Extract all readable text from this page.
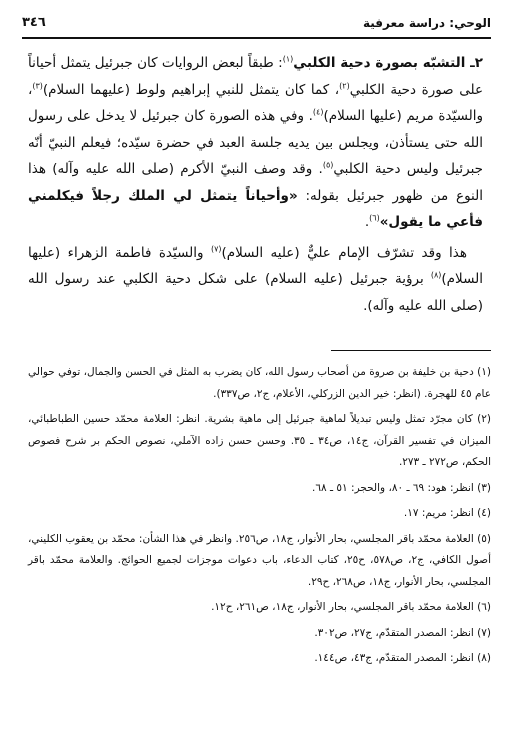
الوحي: دراسة معرفية
٣٤٦

٢ـ التشبّه بصورة دحية الكلبي$^{(١)}$: طبقاً لبعض الروايات كان جبرئيل يتمثل أحياناً على صورة دحية الكلبي$^{(٢)}$، كما كان يتمثل للنبي إبراهيم ولوط (عليهما السلام)$^{(٣)}$، والسيّدة مريم (عليها السلام)$^{(٤)}$. وفي هذه الصورة كان جبرئيل لا يدخل على رسول الله حتى يستأذن، ويجلس بين يديه جلسة العبد في حضرة سيّده؛ فيعلم النبيّ أنّه جبرئيل وليس دحية الكلبي$^{(٥)}$. وقد وصف النبيّ الأكرم (صلى الله عليه وآله) هذا النوع من ظهور جبرئيل بقوله: «وأحياناً يتمثل لي الملك رجلاً فيكلمني فأعي ما يقول»$^{(٦)}$.

هذا وقد تشرّف الإمام عليٌّ (عليه السلام)$^{(٧)}$ والسيّدة فاطمة الزهراء (عليها السلام)$^{(٨)}$ برؤية جبرئيل (عليه السلام) على شكل دحية الكلبي عند رسول الله (صلى الله عليه وآله).

(١) دحية بن خليفة بن صروة من أصحاب رسول الله، كان يضرب به المثل في الحسن والجمال، توفي حوالي عام ٤٥ للهجرة. (انظر: خير الدين الزركلي، الأعلام، ج٢، ص٣٣٧).

(٢) كان مجرّد تمثل وليس تبديلاً لماهية جبرئيل إلى ماهية بشرية. انظر: العلامة محمّد حسين الطباطبائي، الميزان في تفسير القرآن، ج١٤، ص٣٤ ـ ٣٥. وحسن حسن زاده الآملي، نصوص الحكم بر شرح فصوص الحكم، ص٢٧٢ ـ ٢٧٣.

(٣) انظر: هود: ٦٩ ـ ٨٠، والحجر: ٥١ ـ ٦٨.

(٤) انظر: مريم: ١٧.

(٥) العلامة محمّد باقر المجلسي، بحار الأنوار، ج١٨، ص٢٥٦. وانظر في هذا الشأن: محمّد بن يعقوب الكليني، أصول الكافي، ج٢، ص٥٧٨، ح٢٥، كتاب الدعاء، باب دعوات موجزات لجميع الحوائج. والعلامة محمّد باقر المجلسي، بحار الأنوار، ج١٨، ص٢٦٨، ح٢٩.

(٦) العلامة محمّد باقر المجلسي، بحار الأنوار، ج١٨، ص٢٦١، ح١٢.

(٧) انظر: المصدر المتقدّم، ج٢٧، ص٣٠٢.

(٨) انظر: المصدر المتقدّم، ج٤٣، ص١٤٤.
